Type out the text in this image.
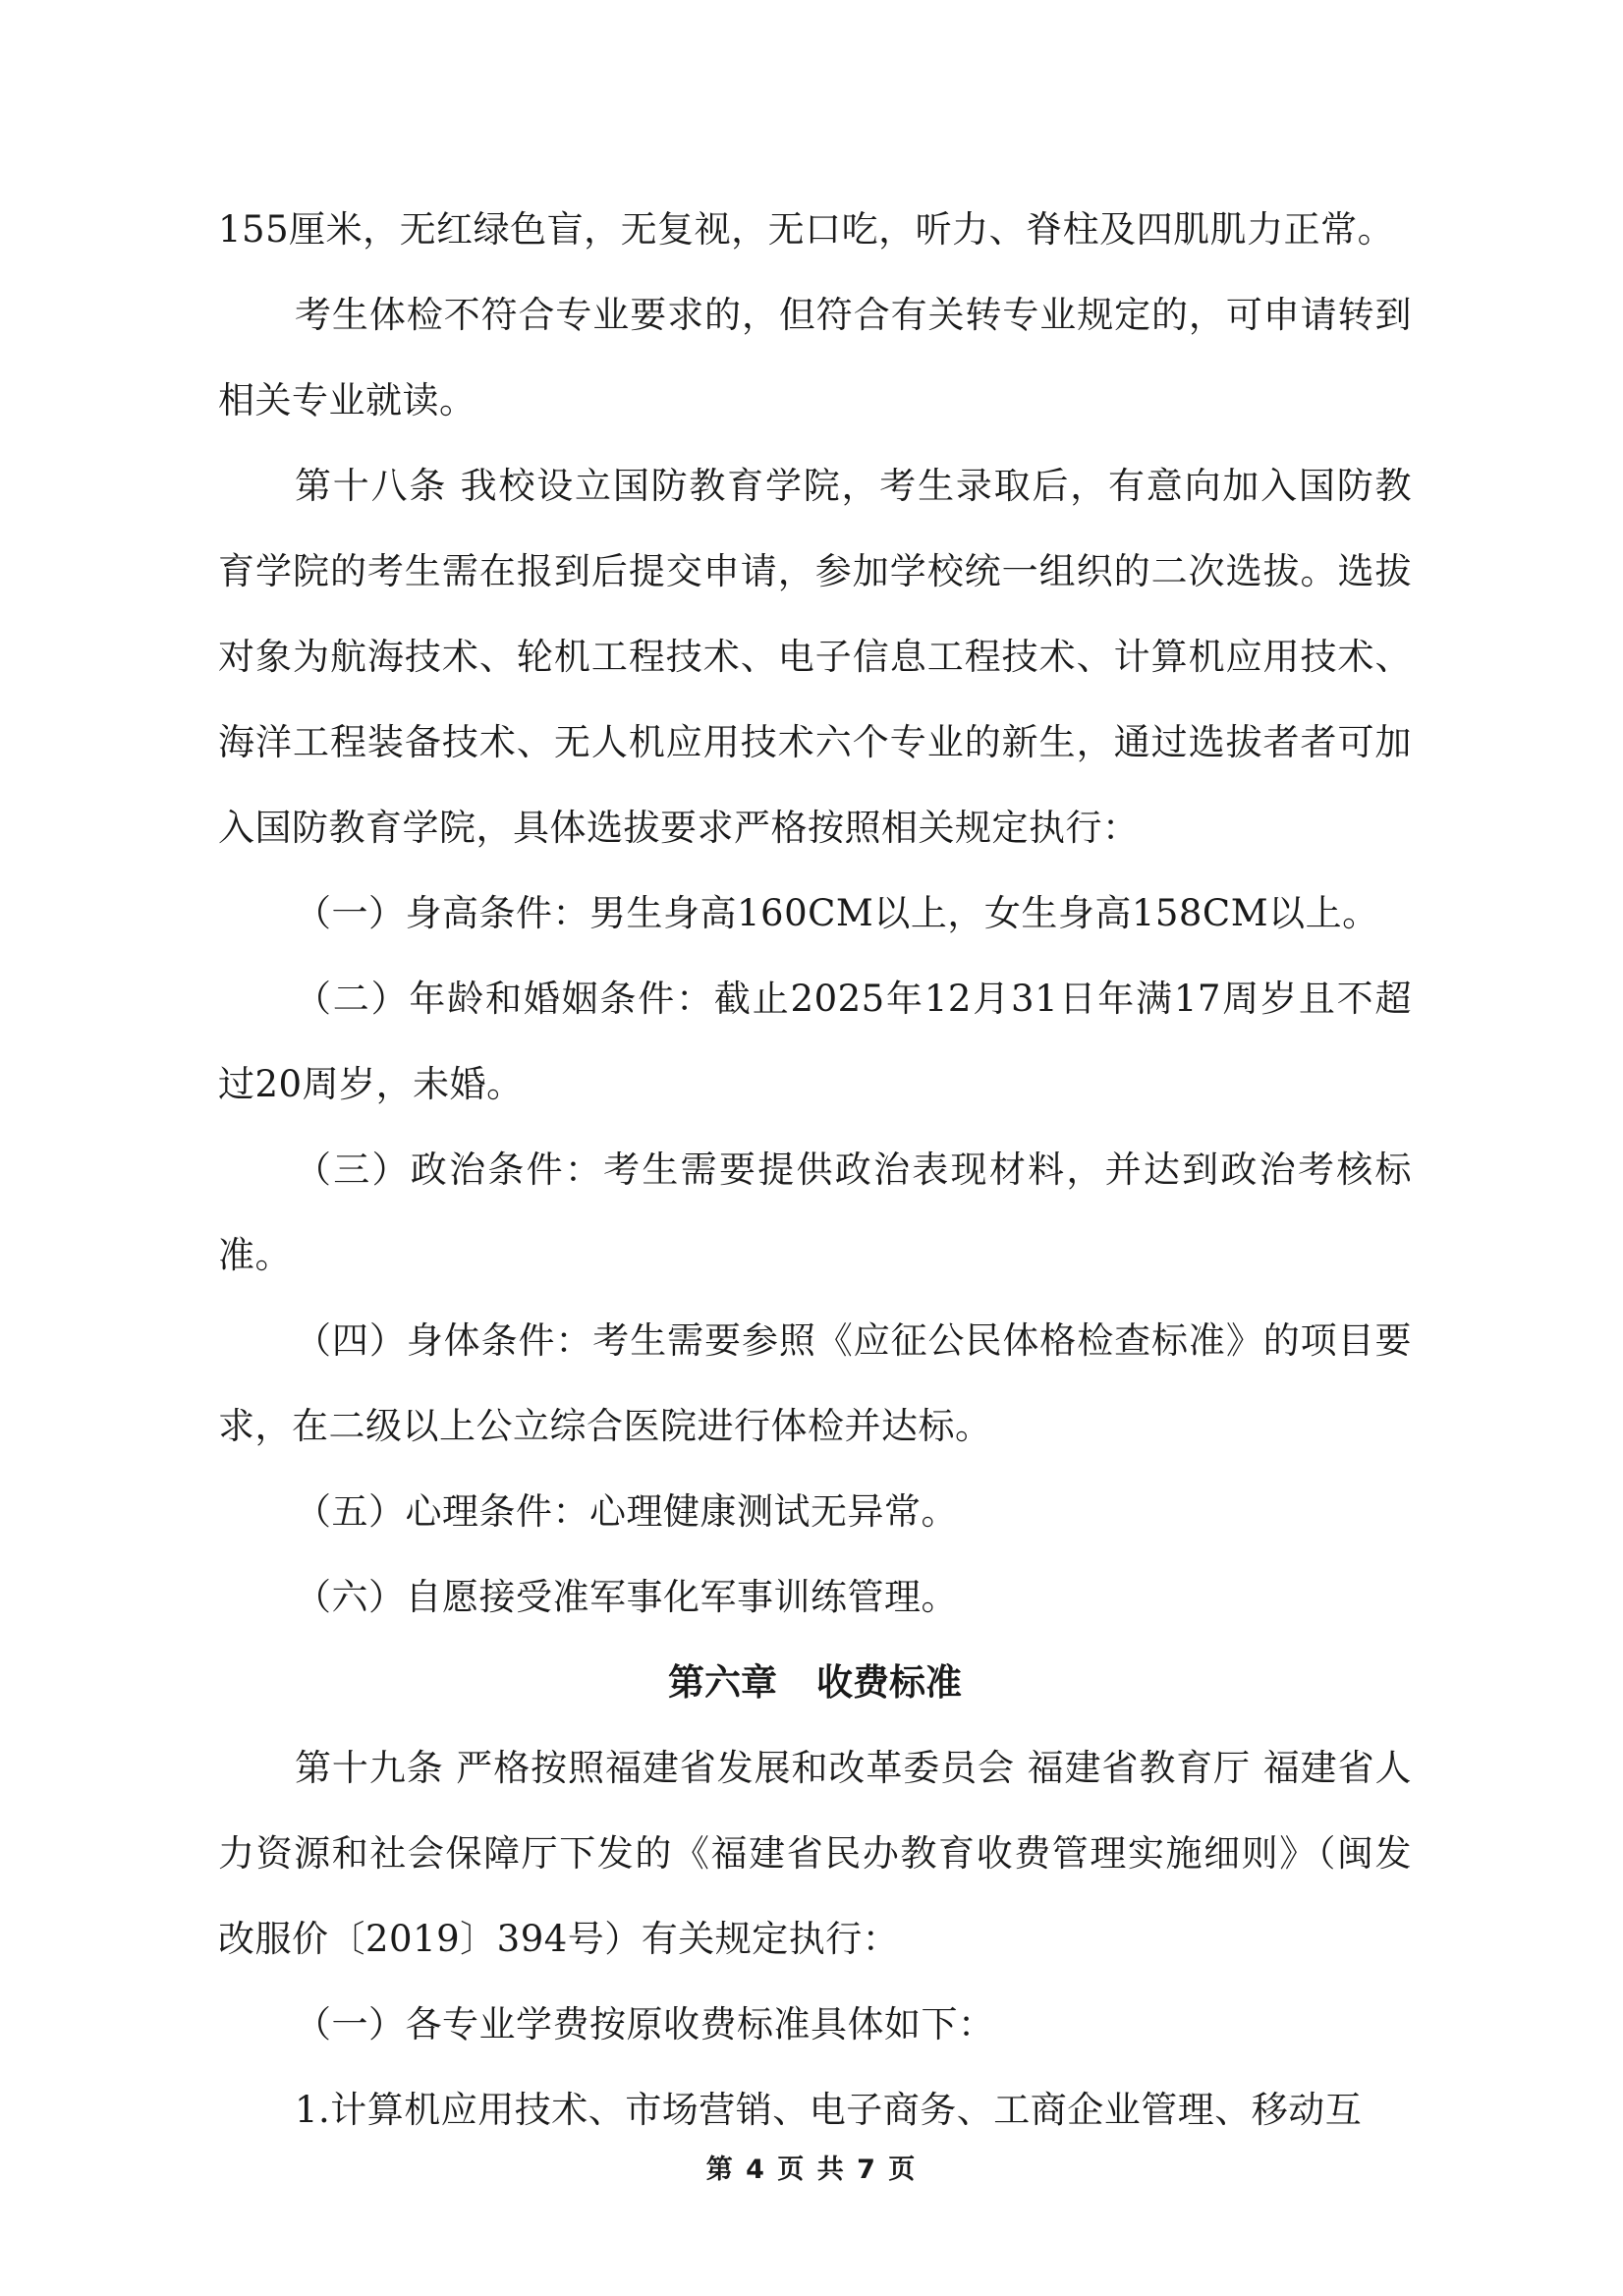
155厘米，无红绿色盲，无复视，无口吃，听力、脊柱及四肌肌力正常。

考生体检不符合专业要求的，但符合有关转专业规定的，可申请转到相关专业就读。

第十八条 我校设立国防教育学院，考生录取后，有意向加入国防教育学院的考生需在报到后提交申请，参加学校统一组织的二次选拔。选拔对象为航海技术、轮机工程技术、电子信息工程技术、计算机应用技术、海洋工程装备技术、无人机应用技术六个专业的新生，通过选拔者者可加入国防教育学院，具体选拔要求严格按照相关规定执行：

（一）身高条件：男生身高160CM以上，女生身高158CM以上。

（二）年龄和婚姻条件：截止2025年12月31日年满17周岁且不超过20周岁，未婚。

（三）政治条件：考生需要提供政治表现材料，并达到政治考核标准。

（四）身体条件：考生需要参照《应征公民体格检查标准》的项目要求，在二级以上公立综合医院进行体检并达标。

（五）心理条件：心理健康测试无异常。

（六）自愿接受准军事化军事训练管理。

第六章 收费标准

第十九条 严格按照福建省发展和改革委员会 福建省教育厅 福建省人力资源和社会保障厅下发的《福建省民办教育收费管理实施细则》（闽发改服价〔2019〕394号）有关规定执行：

（一）各专业学费按原收费标准具体如下：

1.计算机应用技术、市场营销、电子商务、工商企业管理、移动互

第 4 页 共 7 页
